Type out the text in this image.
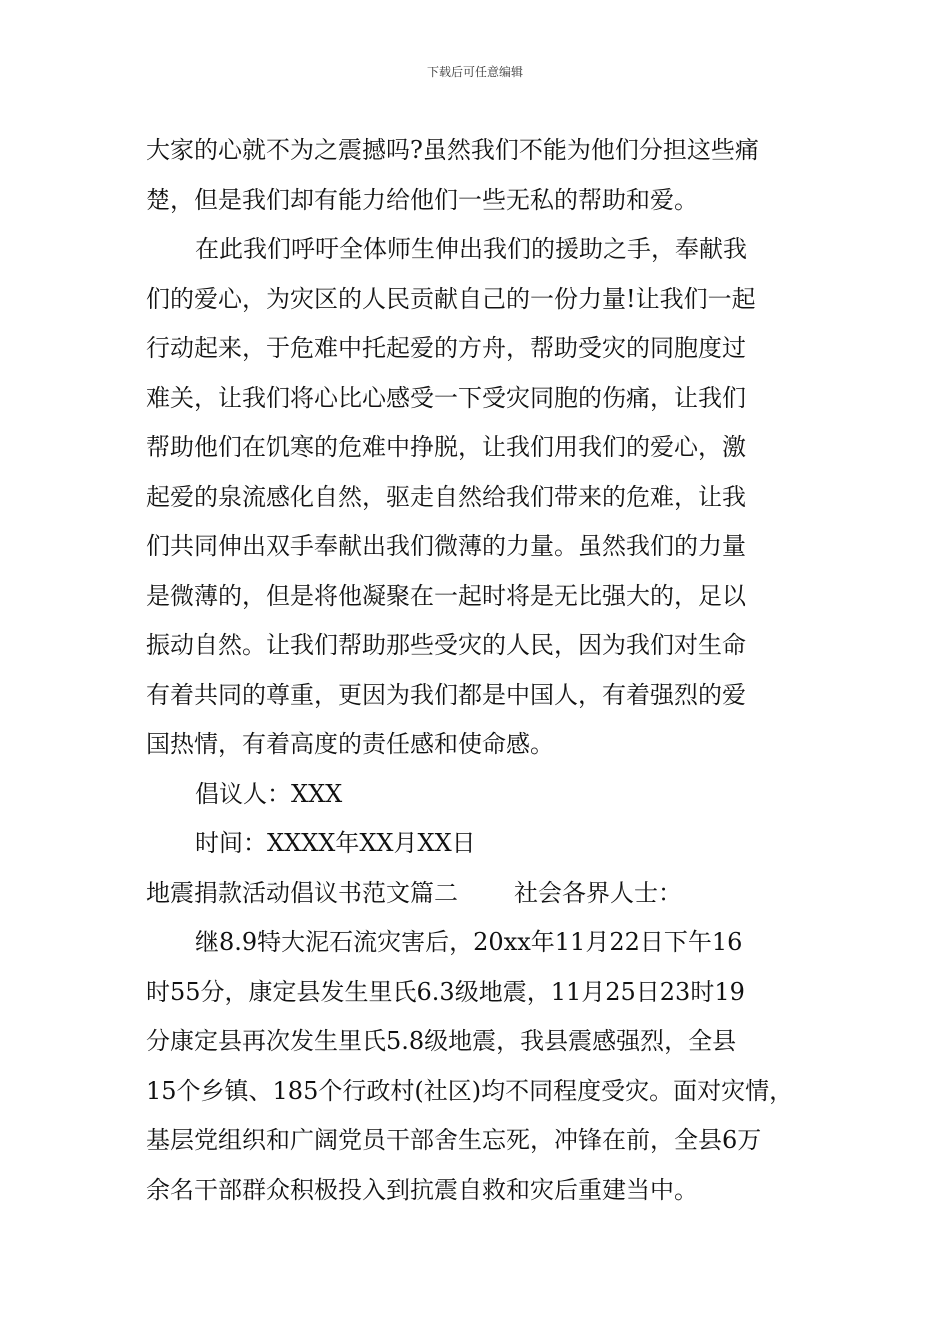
下载后可任意编辑
大家的心就不为之震撼吗?虽然我们不能为他们分担这些痛
楚，但是我们却有能力给他们一些无私的帮助和爱。
在此我们呼吁全体师生伸出我们的援助之手，奉献我
们的爱心，为灾区的人民贡献自己的一份力量!让我们一起
行动起来，于危难中托起爱的方舟，帮助受灾的同胞度过
难关，让我们将心比心感受一下受灾同胞的伤痛，让我们
帮助他们在饥寒的危难中挣脱，让我们用我们的爱心，激
起爱的泉流感化自然，驱走自然给我们带来的危难，让我
们共同伸出双手奉献出我们微薄的力量。虽然我们的力量
是微薄的，但是将他凝聚在一起时将是无比强大的，足以
振动自然。让我们帮助那些受灾的人民，因为我们对生命
有着共同的尊重，更因为我们都是中国人，有着强烈的爱
国热情，有着高度的责任感和使命感。
倡议人：XXX
时间：XXXX年XX月XX日
地震捐款活动倡议书范文篇二 社会各界人士：
继8.9特大泥石流灾害后，20xx年11月22日下午16
时55分，康定县发生里氏6.3级地震，11月25日23时19
分康定县再次发生里氏5.8级地震，我县震感强烈，全县
15个乡镇、185个行政村(社区)均不同程度受灾。面对灾情，
基层党组织和广阔党员干部舍生忘死，冲锋在前，全县6万
余名干部群众积极投入到抗震自救和灾后重建当中。
